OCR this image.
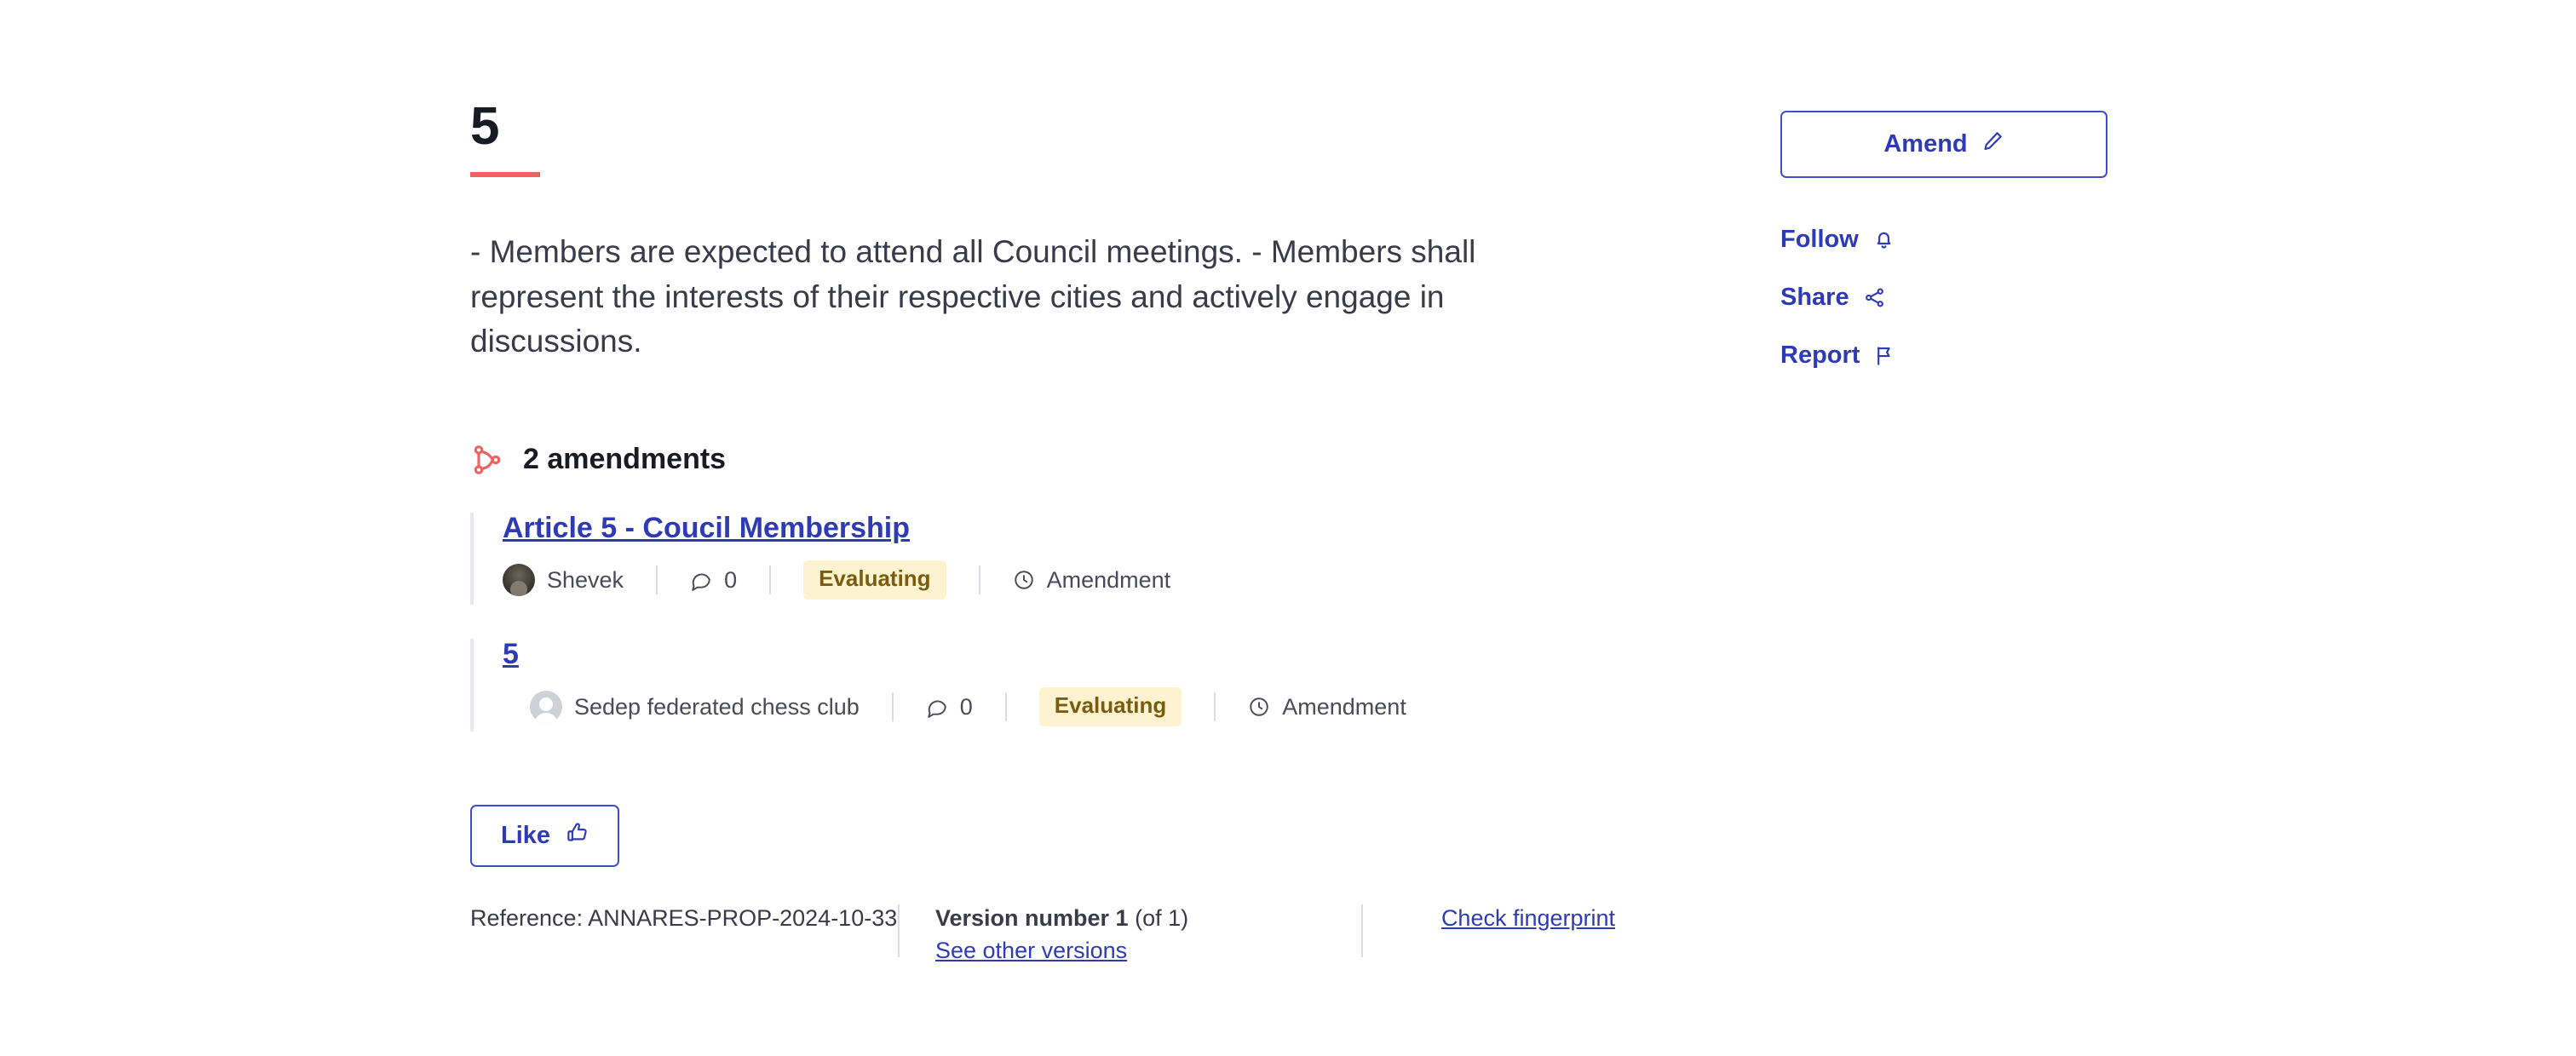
5
- Members are expected to attend all Council meetings. - Members shall represent the interests of their respective cities and actively engage in discussions.
2 amendments
Article 5 - Coucil Membership
Shevek	0	Evaluating	Amendment
5
Sedep federated chess club	0	Evaluating	Amendment
Like
Reference: ANNARES-PROP-2024-10-33	Version number 1 (of 1)
See other versions
Check fingerprint
Amend
Follow
Share
Report
